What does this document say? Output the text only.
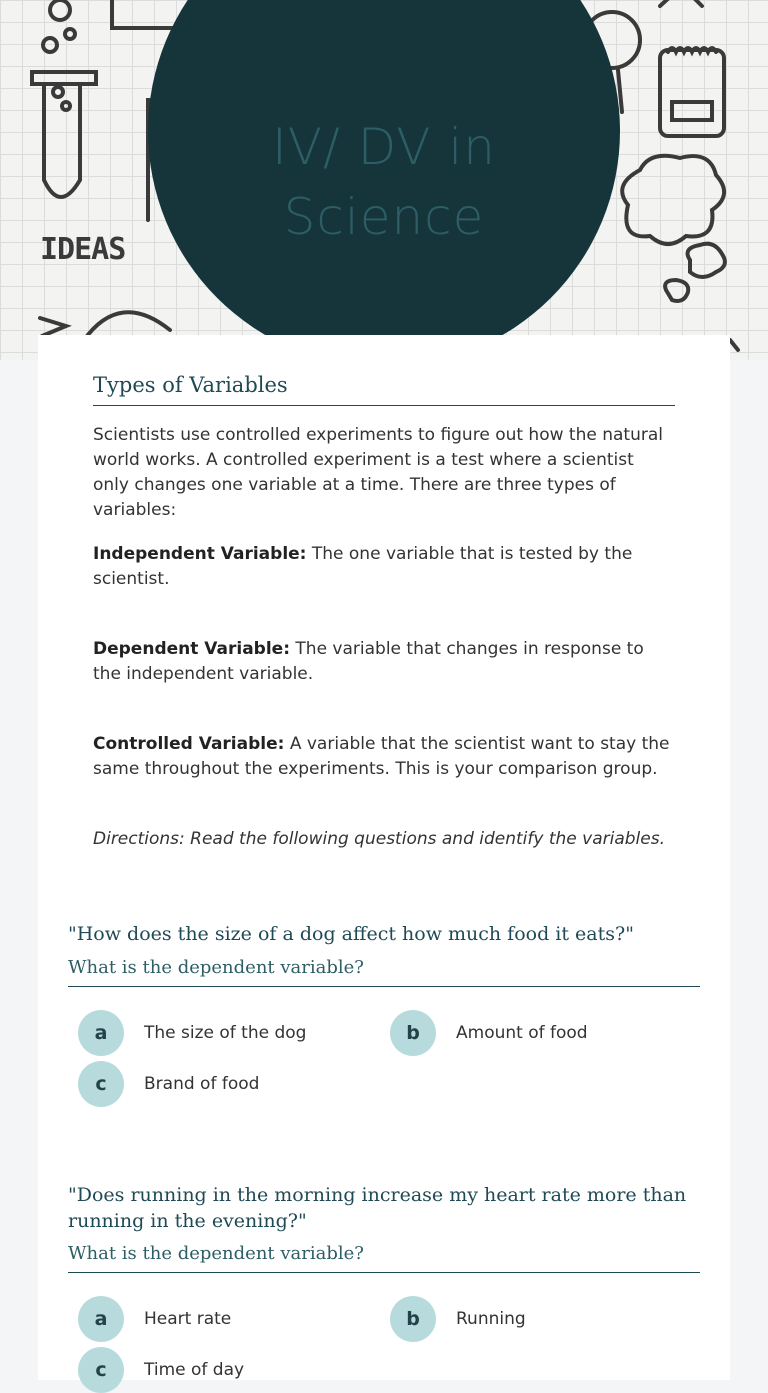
IDEAS
IV/ DV in
Science
Types of Variables
Scientists use controlled experiments to figure out how the natural world works. A controlled experiment is a test where a scientist only changes one variable at a time. There are three types of variables:
Independent Variable: The one variable that is tested by the scientist.
Dependent Variable: The variable that changes in response to the independent variable.
Controlled Variable: A variable that the scientist want to stay the same throughout the experiments. This is your comparison group.
Directions: Read the following questions and identify the variables.
"How does the size of a dog affect how much food it eats?"
What is the dependent variable?
a	The size of the dog	b	Amount of food
c	Brand of food
"Does running in the morning increase my heart rate more than running in the evening?"
What is the dependent variable?
a	Heart rate	b	Running
c	Time of day
